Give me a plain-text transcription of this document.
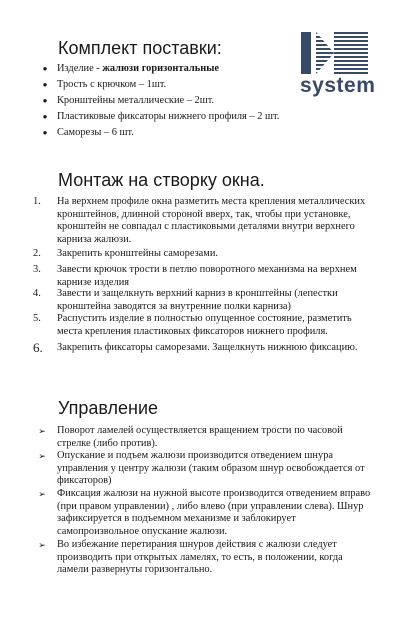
system
Комплект поставки:
● Изделие - жалюзи горизонтальные
● Трость с крючком – 1шт.
● Кронштейны металлические – 2шт.
● Пластиковые фиксаторы нижнего профиля – 2 шт.
● Саморезы – 6 шт.
Монтаж на створку окна.
1.	На верхнем профиле окна разметить места крепления металлических
кронштейнов, длинной стороной вверх, так, чтобы при установке,
кронштейн не совпадал с пластиковыми деталями внутри верхнего
карниза жалюзи.
2.	Закрепить кронштейны саморезами.
3.	Завести крючок трости в петлю поворотного механизма на верхнем
карнизе изделия
4.	Завести и защелкнуть верхний карниз в кронштейны (лепестки
кронштейна заводятся за внутренние полки карниза)
5.	Распустить изделие в полностью опущенное состояние, разметить
места крепления пластиковых фиксаторов нижнего профиля.
6.	Закрепить фиксаторы саморезами. Защелкнуть нижнюю фиксацию.
Управление
➢	Поворот ламелей осуществляется вращением трости по часовой
стрелке (либо против).
➢	Опускание и подъем жалюзи производится отведением шнура
управления у центру жалюзи (таким образом шнур освобождается от
фиксаторов)
➢	Фиксация жалюзи на нужной высоте производится отведением вправо
(при правом управлении) , либо влево (при управлении слева). Шнур
зафиксируется в подъемном механизме и заблокирует
самопроизвольное опускание жалюзи.
➢	Во избежание перетирания шнуров действия с жалюзи следует
производить при открытых ламелях, то есть, в положении, когда
ламели развернуты горизонтально.
